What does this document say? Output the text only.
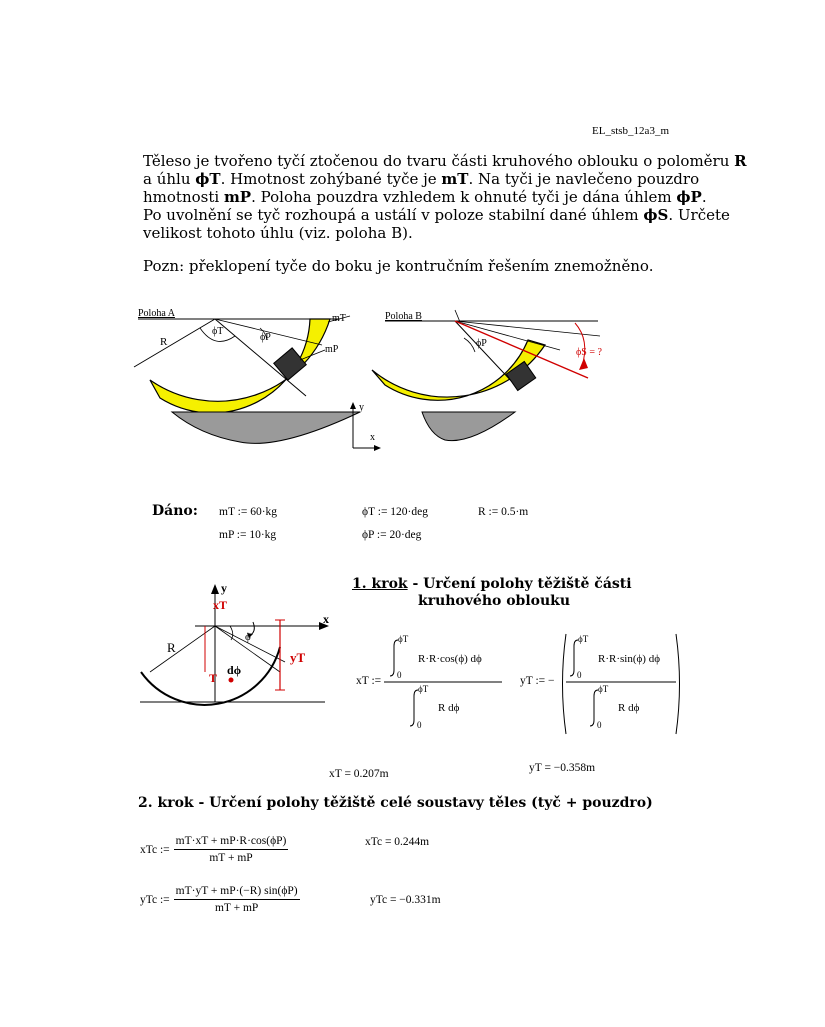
EL_stsb_12a3_m
Těleso je tvořeno tyčí ztočenou do tvaru části kruhového oblouku o poloměru R
a úhlu ϕT. Hmotnost zohýbané tyče je mT. Na tyči je navlečeno pouzdro
hmotnosti mP. Poloha pouzdra vzhledem k ohnuté tyči je dána úhlem ϕP.
Po uvolnění se tyč rozhoupá a ustálí v poloze stabilní dané úhlem ϕS. Určete
velikost tohoto úhlu (viz. poloha B).
Pozn: překlopení tyče do boku je kontručním řešením znemožněno.
Poloha A
R
ϕT
ϕP
mT
mP
Poloha B
ϕP
ϕS = ?
y
x
Dáno: mT := 60·kg
mP := 10·kg
ϕT := 120·deg
ϕP := 20·deg
R := 0.5·m
y
x
xT
R
ϕ
dϕ
yT
T
1. krok - Určení polohy těžiště části
kruhového oblouku
xT :=
ϕT
0
R·R·cos(ϕ) dϕ
ϕT
0
R dϕ
yT := −
ϕT
0
R·R·sin(ϕ) dϕ
ϕT
0
R dϕ
xT = 0.207m	yT = −0.358m
2. krok - Určení polohy těžiště celé soustavy těles (tyč + pouzdro)
xTc := $\frac{mT\cdot xT + mP\cdot R\cdot\cos(\phi P)}{mT + mP}$	xTc = 0.244m
yTc := $\frac{mT\cdot yT + mP\cdot(-R) \sin(\phi P)}{mT + mP}$	yTc = −0.331m
